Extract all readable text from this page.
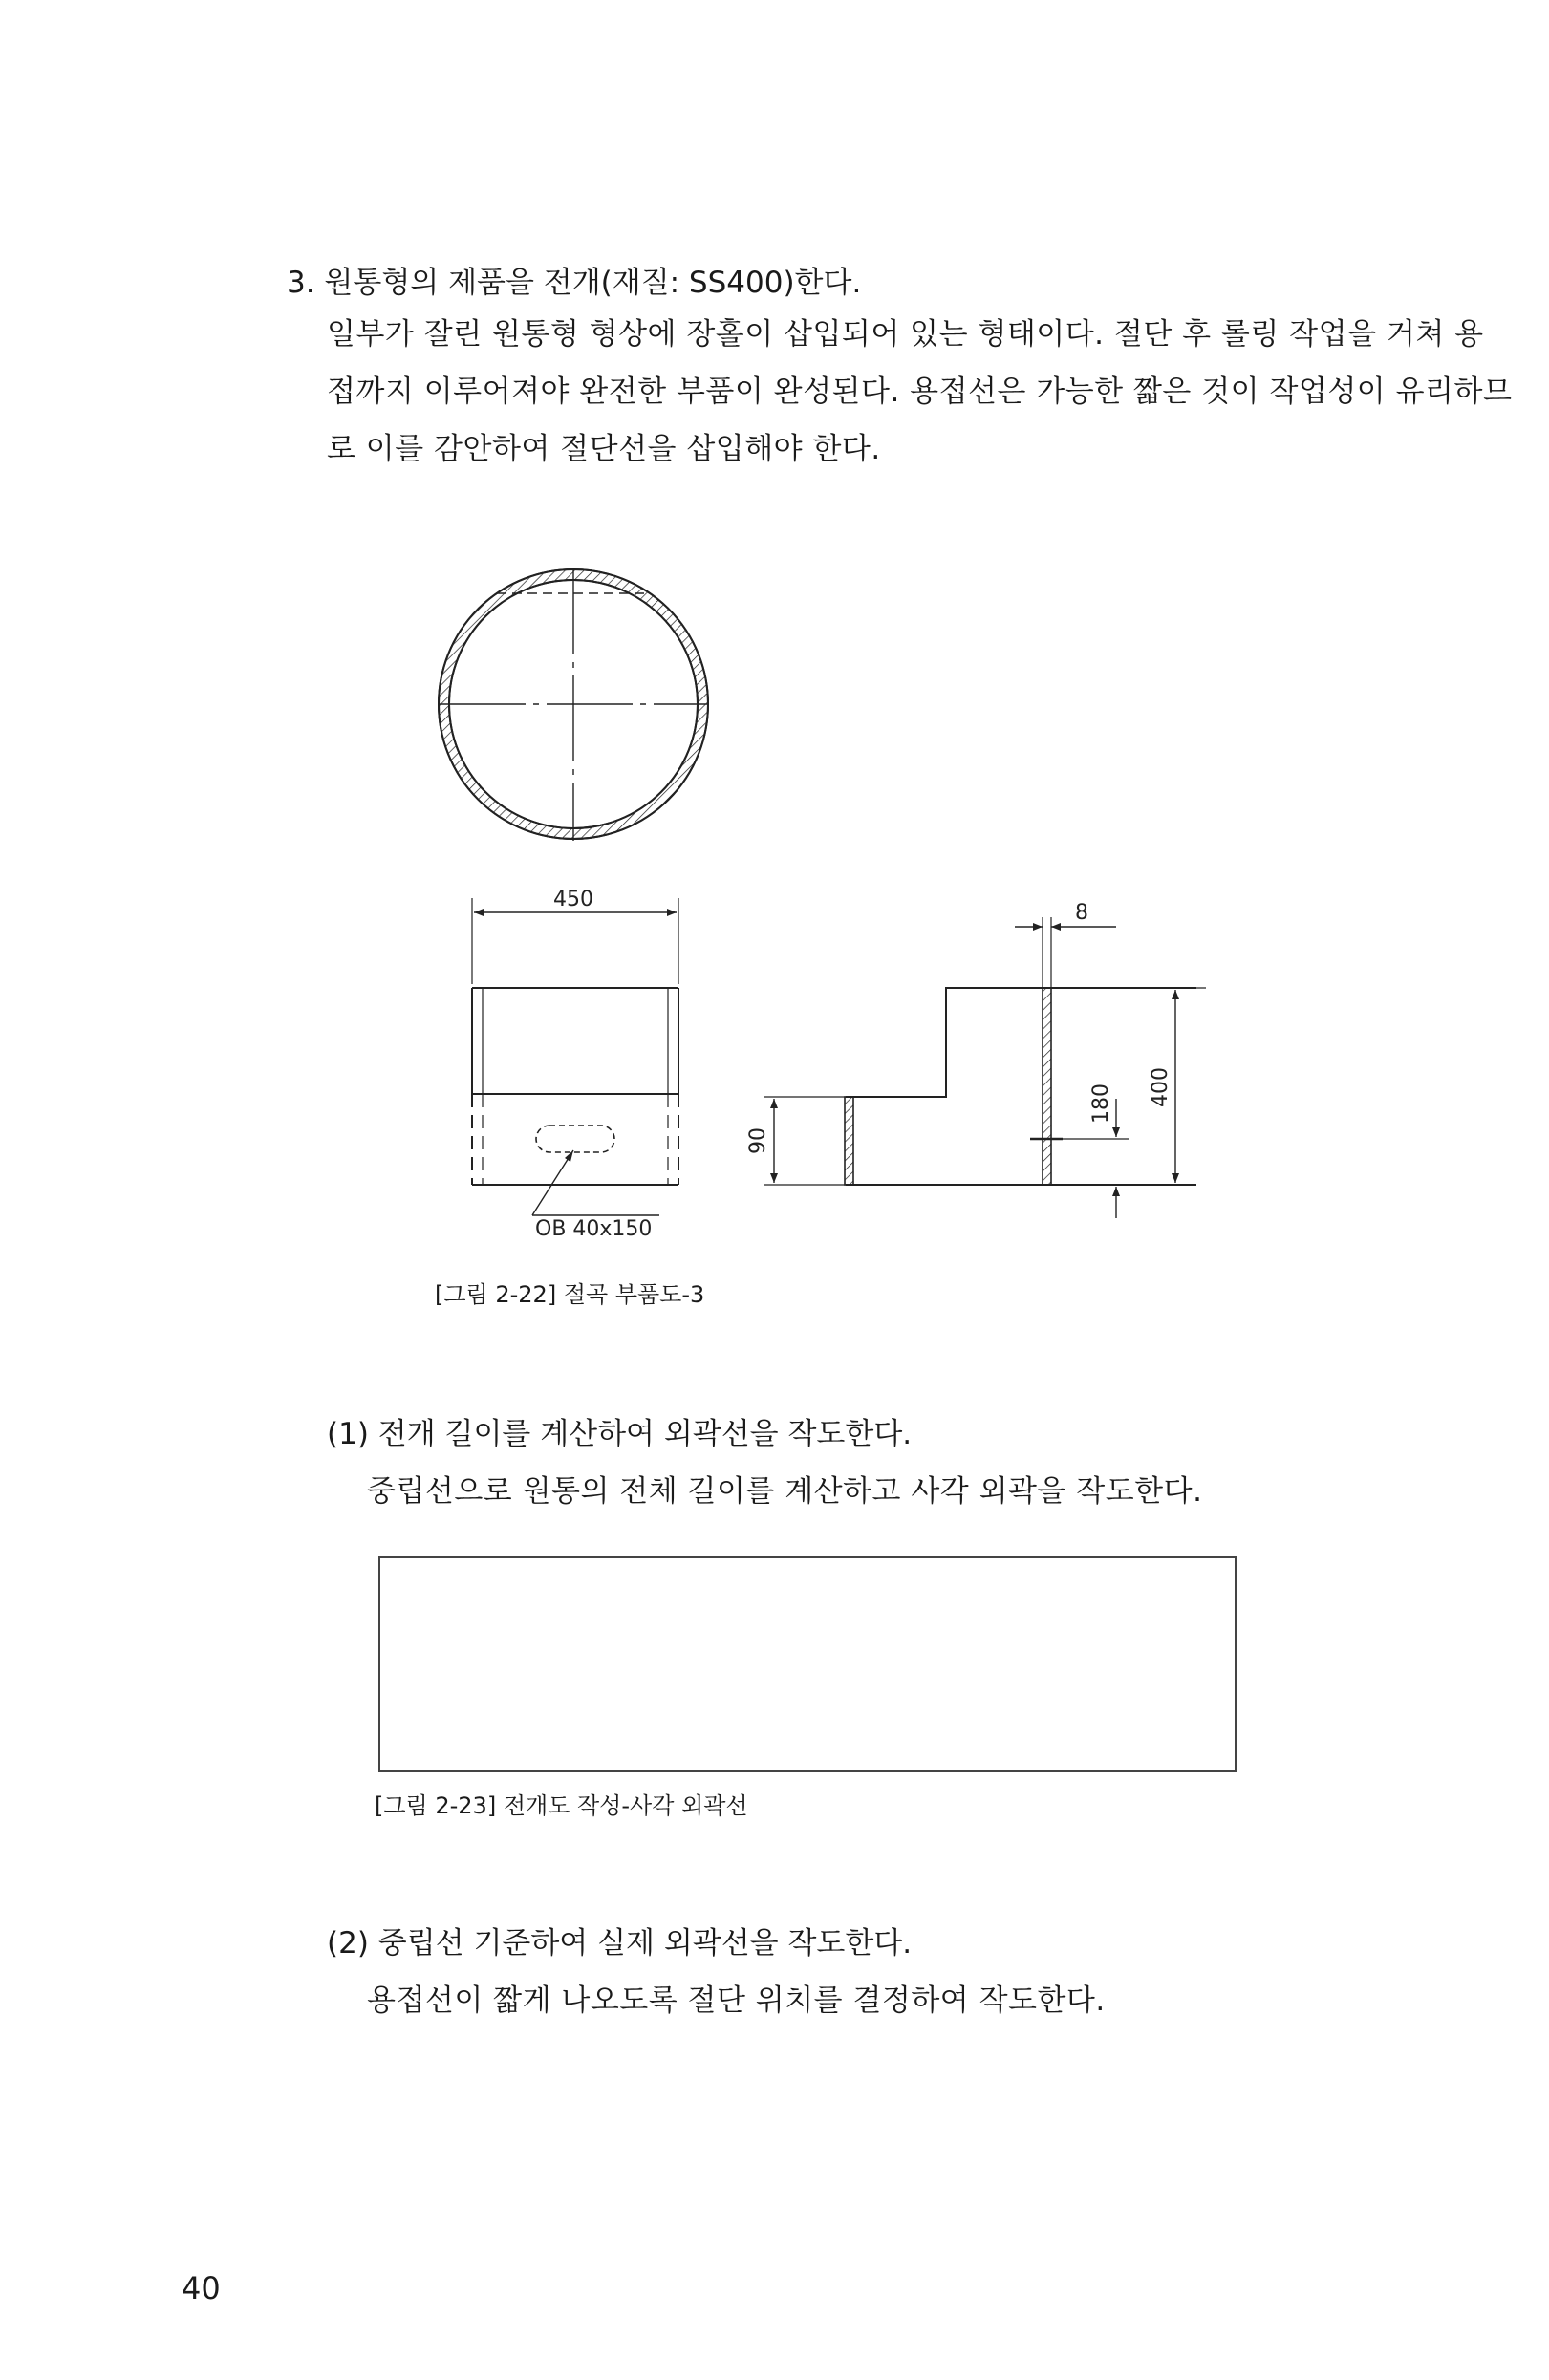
3. 원통형의 제품을 전개(재질: SS400)한다.
일부가 잘린 원통형 형상에 장홀이 삽입되어 있는 형태이다. 절단 후 롤링 작업을 거쳐 용
접까지 이루어져야 완전한 부품이 완성된다. 용접선은 가능한 짧은 것이 작업성이 유리하므
로 이를 감안하여 절단선을 삽입해야 한다.
450
8
400
180
90
OB 40x150
[그림 2-22] 절곡 부품도-3
(1) 전개 길이를 계산하여 외곽선을 작도한다.
중립선으로 원통의 전체 길이를 계산하고 사각 외곽을 작도한다.
[그림 2-23] 전개도 작성-사각 외곽선
(2) 중립선 기준하여 실제 외곽선을 작도한다.
용접선이 짧게 나오도록 절단 위치를 결정하여 작도한다.
40
